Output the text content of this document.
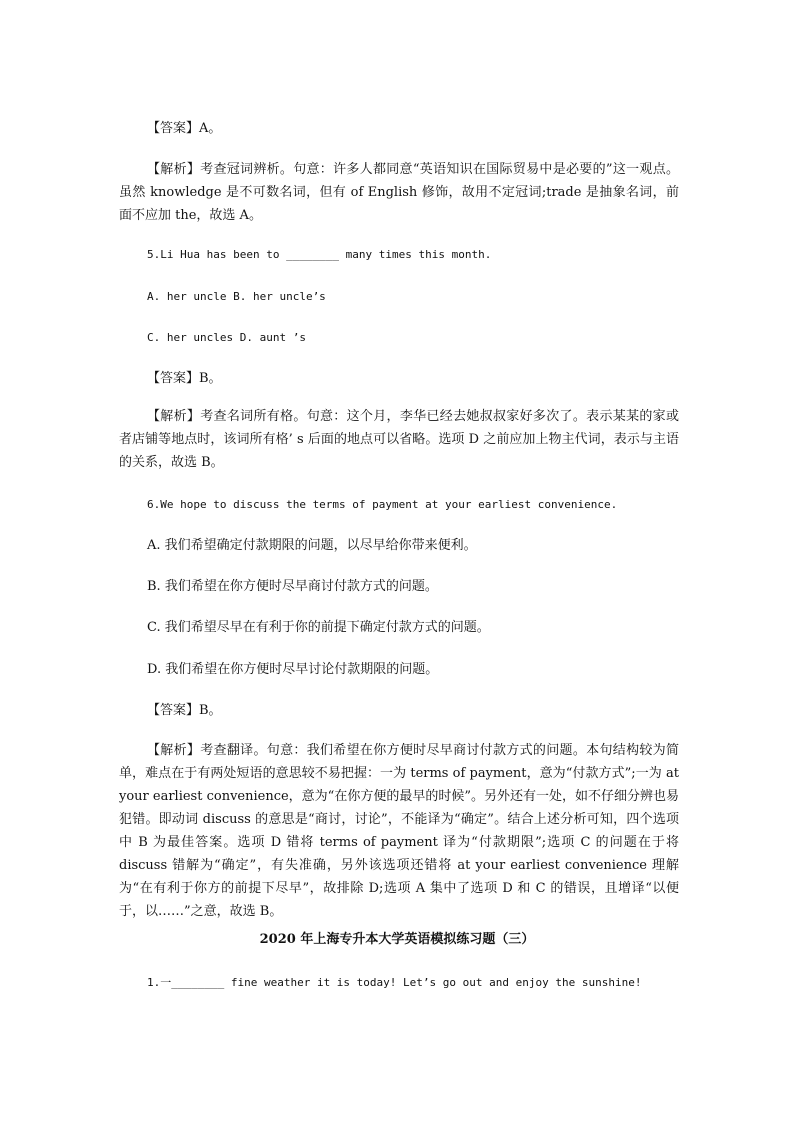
【答案】A。
【解析】考查冠词辨析。句意：许多人都同意“英语知识在国际贸易中是必要的”这一观点。虽然 knowledge 是不可数名词，但有 of English 修饰，故用不定冠词;trade 是抽象名词，前面不应加 the，故选 A。
5.Li Hua has been to ________ many times this month.
A. her uncle B. her uncle’s
C. her uncles D. aunt ’s
【答案】B。
【解析】考查名词所有格。句意：这个月，李华已经去她叔叔家好多次了。表示某某的家或者店铺等地点时，该词所有格’ s 后面的地点可以省略。选项 D 之前应加上物主代词，表示与主语的关系，故选 B。
6.We hope to discuss the terms of payment at your earliest convenience.
A. 我们希望确定付款期限的问题，以尽早给你带来便利。
B. 我们希望在你方便时尽早商讨付款方式的问题。
C. 我们希望尽早在有利于你的前提下确定付款方式的问题。
D. 我们希望在你方便时尽早讨论付款期限的问题。
【答案】B。
【解析】考查翻译。句意：我们希望在你方便时尽早商讨付款方式的问题。本句结构较为简单，难点在于有两处短语的意思较不易把握：一为 terms of payment，意为“付款方式”;一为 at your earliest convenience，意为“在你方便的最早的时候”。另外还有一处，如不仔细分辨也易犯错。即动词 discuss 的意思是“商讨，讨论”，不能译为“确定”。结合上述分析可知，四个选项中 B 为最佳答案。选项 D 错将 terms of payment 译为“付款期限”;选项 C 的问题在于将 discuss 错解为“确定”，有失准确，另外该选项还错将 at your earliest convenience 理解为“在有利于你方的前提下尽早”，故排除 D;选项 A 集中了选项 D 和 C 的错误，且增译“以便于，以……”之意，故选 B。
2020 年上海专升本大学英语模拟练习题（三）
1.一________ fine weather it is today! Let’s go out and enjoy the sunshine!
